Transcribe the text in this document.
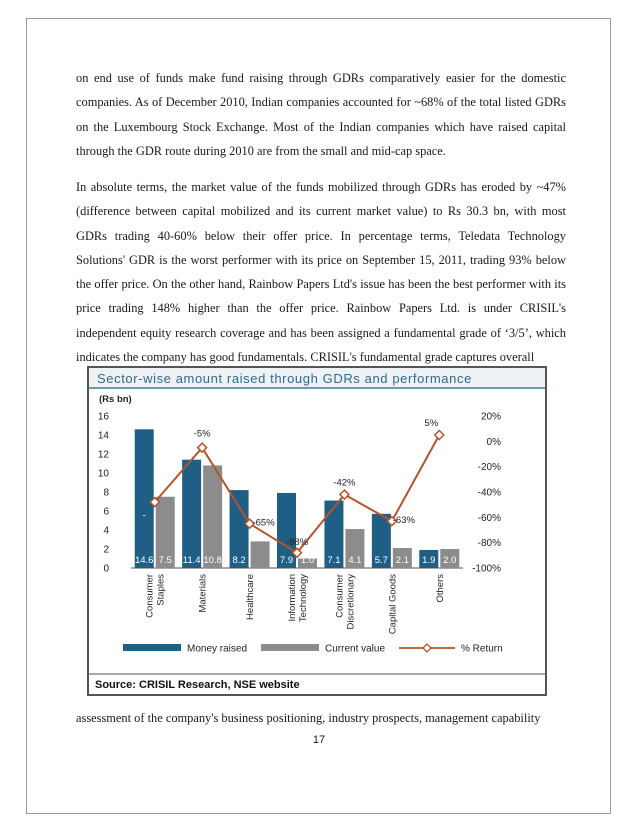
on end use of funds make fund raising through GDRs comparatively easier for the domestic companies. As of December 2010, Indian companies accounted for ~68% of the total listed GDRs on the Luxembourg Stock Exchange. Most of the Indian companies which have raised capital through the GDR route during 2010 are from the small and mid-cap space.

In absolute terms, the market value of the funds mobilized through GDRs has eroded by ~47% (difference between capital mobilized and its current market value) to Rs 30.3 bn, with most GDRs trading 40-60% below their offer price. In percentage terms, Teledata Technology Solutions' GDR is the worst performer with its price on September 15, 2011, trading 93% below the offer price. On the other hand, Rainbow Papers Ltd's issue has been the best performer with its price trading 148% higher than the offer price. Rainbow Papers Ltd. is under CRISIL's independent equity research coverage and has been assigned a fundamental grade of ‘3/5’, which indicates the company has good fundamentals. CRISIL's fundamental grade captures overall

Sector-wise amount raised through GDRs and performance
(Rs bn)
0
2
4
6
8
10
12
14
16
-100%
-80%
-60%
-40%
-20%
0%
20%
14.6 7.5
-
11.4 10.8 8.2	7.9 1.0 7.1 4.1 5.7 2.1 1.9 2.0
-5%
-65%
-88%
-42%
-63%
5%
Consumer Staples	Materials	Healthcare	Information Technology	Consumer Discretionary	Capital Goods	Others
Money raised	Current value	% Return
Source: CRISIL Research, NSE website

assessment of the company's business positioning, industry prospects, management capability

17
